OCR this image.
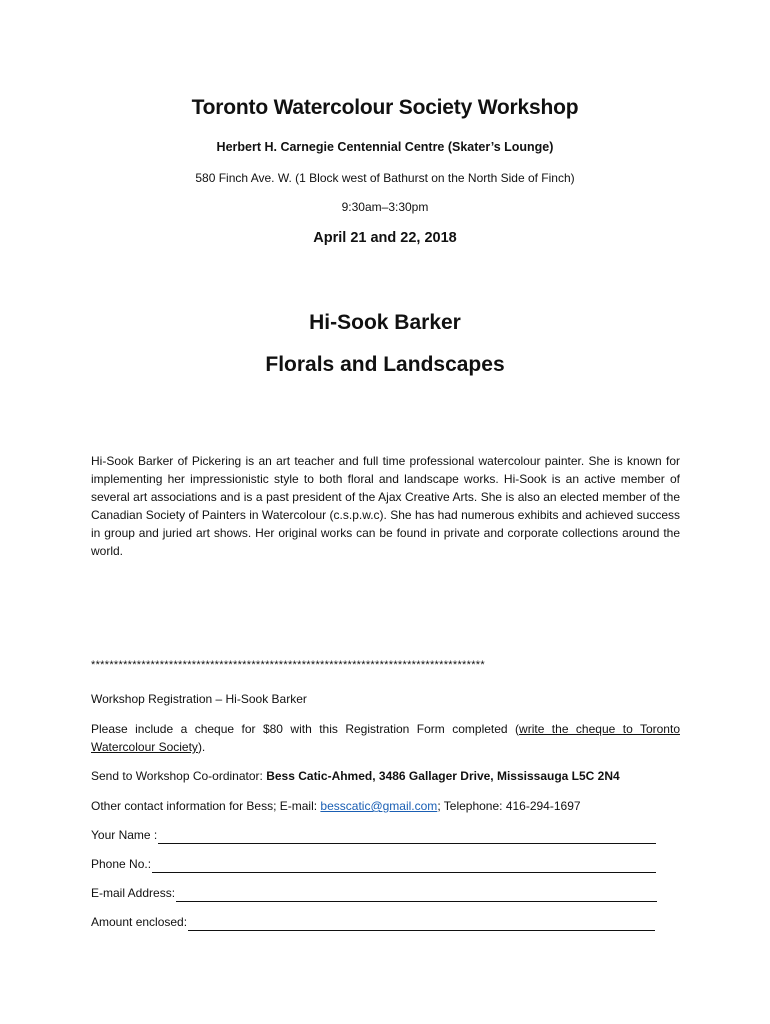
Toronto Watercolour Society Workshop
Herbert H. Carnegie Centennial Centre (Skater’s Lounge)
580 Finch Ave. W. (1 Block west of Bathurst on the North Side of Finch)
9:30am–3:30pm
April 21 and 22, 2018
Hi-Sook Barker
Florals and Landscapes
Hi-Sook Barker of Pickering is an art teacher and full time professional watercolour painter. She is known for implementing her impressionistic style to both floral and landscape works. Hi-Sook is an active member of several art associations and is a past president of the Ajax Creative Arts. She is also an elected member of the Canadian Society of Painters in Watercolour (c.s.p.w.c). She has had numerous exhibits and achieved success in group and juried art shows. Her original works can be found in private and corporate collections around the world.
**************************************************************************************
Workshop Registration – Hi-Sook Barker
Please include a cheque for $80 with this Registration Form completed (write the cheque to Toronto Watercolour Society).
Send to Workshop Co-ordinator: Bess Catic-Ahmed, 3486 Gallager Drive, Mississauga L5C 2N4
Other contact information for Bess; E-mail: besscatic@gmail.com; Telephone: 416-294-1697
Your Name :
Phone No.:
E-mail Address:
Amount enclosed:
